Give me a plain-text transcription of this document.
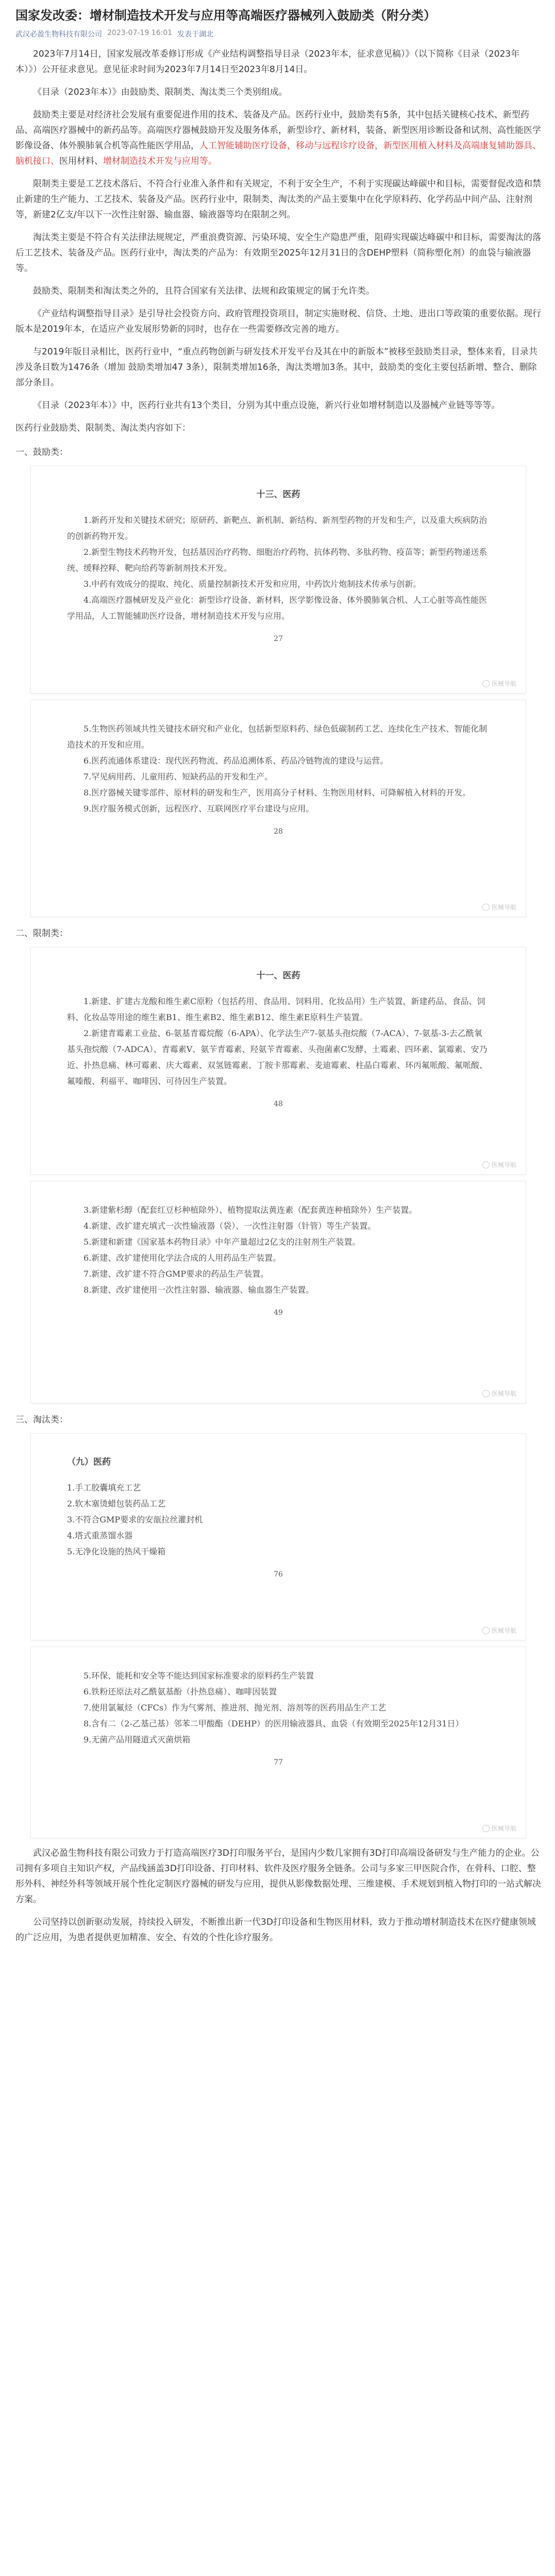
国家发改委：增材制造技术开发与应用等高端医疗器械列入鼓励类（附分类）
武汉必盈生物科技有限公司 2023-07-19 16:01 发表于湖北

2023年7月14日，国家发展改革委修订形成《产业结构调整指导目录（2023年本，征求意见稿）》（以下简称《目录（2023年本）》）公开征求意见。意见征求时间为2023年7月14日至2023年8月14日。

《目录（2023年本）》由鼓励类、限制类、淘汰类三个类别组成。

鼓励类主要是对经济社会发展有重要促进作用的技术、装备及产品。医药行业中，鼓励类有5条，其中包括关键核心技术、新型药品、高端医疗器械中的新药品等。高端医疗器械鼓励开发及服务体系，新型诊疗、新材料，装备、新型医用诊断设备和试剂、高性能医学影像设备、体外膜肺氧合机等高性能医学用品，人工智能辅助医疗设备，移动与远程诊疗设备，新型医用植入材料及高端康复辅助器具、脑机接口、医用材料、增材制造技术开发与应用等。

限制类主要是工艺技术落后、不符合行业准入条件和有关规定，不利于安全生产，不利于实现碳达峰碳中和目标，需要督促改造和禁止新建的生产能力、工艺技术、装备及产品。医药行业中，限制类、淘汰类的产品主要集中在化学原料药、化学药品中间产品、注射剂等，新建2亿支/年以下一次性注射器、输血器、输液器等均在限制之列。

淘汰类主要是不符合有关法律法规规定，严重浪费资源、污染环境、安全生产隐患严重，阻碍实现碳达峰碳中和目标，需要淘汰的落后工艺技术、装备及产品。医药行业中，淘汰类的产品为：有效期至2025年12月31日的含DEHP塑料（简称塑化剂）的血袋与输液器等。

鼓励类、限制类和淘汰类之外的，且符合国家有关法律、法规和政策规定的属于允许类。

《产业结构调整指导目录》是引导社会投资方向、政府管理投资项目，制定实施财税、信贷、土地、进出口等政策的重要依据。现行版本是2019年本，在适应产业发展形势新的同时，也存在一些需要修改完善的地方。

与2019年版目录相比，医药行业中，“重点药物创新与研发技术开发平台及其在中的新版本”被移至鼓励类目录，整体来看，目录共涉及条目数为1476条（增加 鼓励类增加47 3条），限制类增加16条，淘汰类增加3条。其中，鼓励类的变化主要包括新增、整合、删除部分条目。

《目录（2023年本）》中，医药行业共有13个类目，分别为其中重点设施，新兴行业如增材制造以及器械产业链等等等。

医药行业鼓励类、限制类、淘汰类内容如下：

一、鼓励类：

十三、医药

1.新药开发和关键技术研究；原研药、新靶点、新机制、新结构、新剂型药物的开发和生产，以及重大疾病防治的创新药物开发。

2.新型生物技术药物开发，包括基因治疗药物、细胞治疗药物、抗体药物、多肽药物、疫苗等；新型药物递送系统、缓释控释、靶向给药等新制剂技术开发。

3.中药有效成分的提取、纯化、质量控制新技术开发和应用，中药饮片炮制技术传承与创新。

4.高端医疗器械研发及产业化：新型诊疗设备、新材料，医学影像设备、体外膜肺氧合机、人工心脏等高性能医学用品，人工智能辅助医疗设备，增材制造技术开发与应用。

27
医械导航

5.生物医药领域共性关键技术研究和产业化，包括新型原料药、绿色低碳制药工艺、连续化生产技术、智能化制造技术的开发和应用。

6.医药流通体系建设：现代医药物流、药品追溯体系、药品冷链物流的建设与运营。

7.罕见病用药、儿童用药、短缺药品的开发和生产。

8.医疗器械关键零部件、原材料的研发和生产，医用高分子材料、生物医用材料、可降解植入材料的开发。

9.医疗服务模式创新，远程医疗、互联网医疗平台建设与应用。

28
医械导航

二、限制类：

十一、医药

1.新建、扩建古龙酸和维生素C原粉（包括药用、食品用、饲料用、化妆品用）生产装置，新建药品、食品、饲料、化妆品等用途的维生素B1、维生素B2、维生素B12、维生素E原料生产装置。

2.新建青霉素工业盐、6-氨基青霉烷酸（6-APA）、化学法生产7-氨基头孢烷酸（7-ACA）、7-氨基-3-去乙酰氧基头孢烷酸（7-ADCA）、青霉素V、氨苄青霉素、羟氨苄青霉素、头孢菌素C发酵、土霉素、四环素、氯霉素、安乃近、扑热息痛、林可霉素、庆大霉素、双氢链霉素、丁胺卡那霉素、麦迪霉素、柱晶白霉素、环丙氟哌酸、氟哌酸、氟嗪酸、利福平、咖啡因、可待因生产装置。

48
医械导航

3.新建紫杉醇（配套红豆杉种植除外）、植物提取法黄连素（配套黄连种植除外）生产装置。

4.新建、改扩建充填式一次性输液器（袋）、一次性注射器（针管）等生产装置。

5.新建和新建《国家基本药物目录》中年产量超过2亿支的注射剂生产装置。

6.新建、改扩建使用化学法合成的人用药品生产装置。

7.新建、改扩建不符合GMP要求的药品生产装置。

8.新建、改扩建使用一次性注射器、输液器、输血器生产装置。

49
医械导航

三、淘汰类：

（九）医药
1.手工胶囊填充工艺
2.软木塞烫蜡包装药品工艺
3.不符合GMP要求的安瓿拉丝灌封机
4.塔式重蒸馏水器
5.无净化设施的热风干燥箱
76
医械导航

5.环保、能耗和安全等不能达到国家标准要求的原料药生产装置

6.铁粉还原法对乙酰氨基酚（扑热息痛）、咖啡因装置

7.使用氯氟烃（CFCs）作为气雾剂、推进剂、抛光剂、溶剂等的医药用品生产工艺

8.含有二（2-乙基己基）邻苯二甲酸酯（DEHP）的医用输液器具、血袋（有效期至2025年12月31日）

9.无菌产品用隧道式灭菌烘箱

77
医械导航

武汉必盈生物科技有限公司致力于打造高端医疗3D打印服务平台，是国内少数几家拥有3D打印高端设备研发与生产能力的企业。公司拥有多项自主知识产权，产品线涵盖3D打印设备、打印材料、软件及医疗服务全链条。公司与多家三甲医院合作，在骨科、口腔、整形外科、神经外科等领域开展个性化定制医疗器械的研发与应用，提供从影像数据处理、三维建模、手术规划到植入物打印的一站式解决方案。

公司坚持以创新驱动发展，持续投入研发，不断推出新一代3D打印设备和生物医用材料，致力于推动增材制造技术在医疗健康领域的广泛应用，为患者提供更加精准、安全、有效的个性化诊疗服务。
